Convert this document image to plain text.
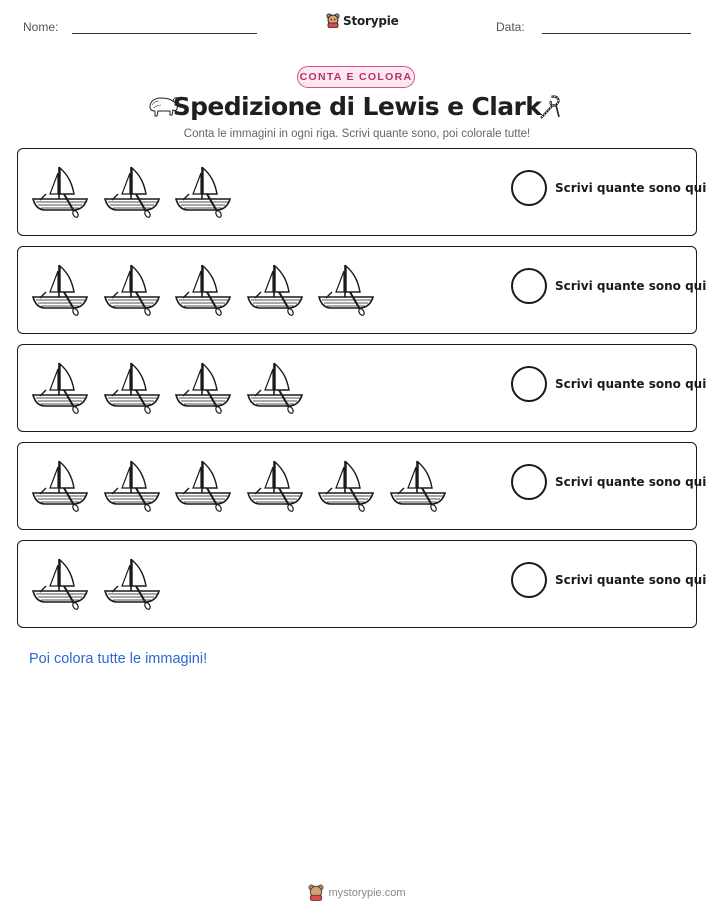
Nome:	Storypie	Data:
CONTA E COLORA
Spedizione di Lewis e Clark
Conta le immagini in ogni riga. Scrivi quante sono, poi colorale tutte!
Scrivi quante sono qui
Scrivi quante sono qui
Scrivi quante sono qui
Scrivi quante sono qui
Scrivi quante sono qui
Poi colora tutte le immagini!
mystorypie.com
